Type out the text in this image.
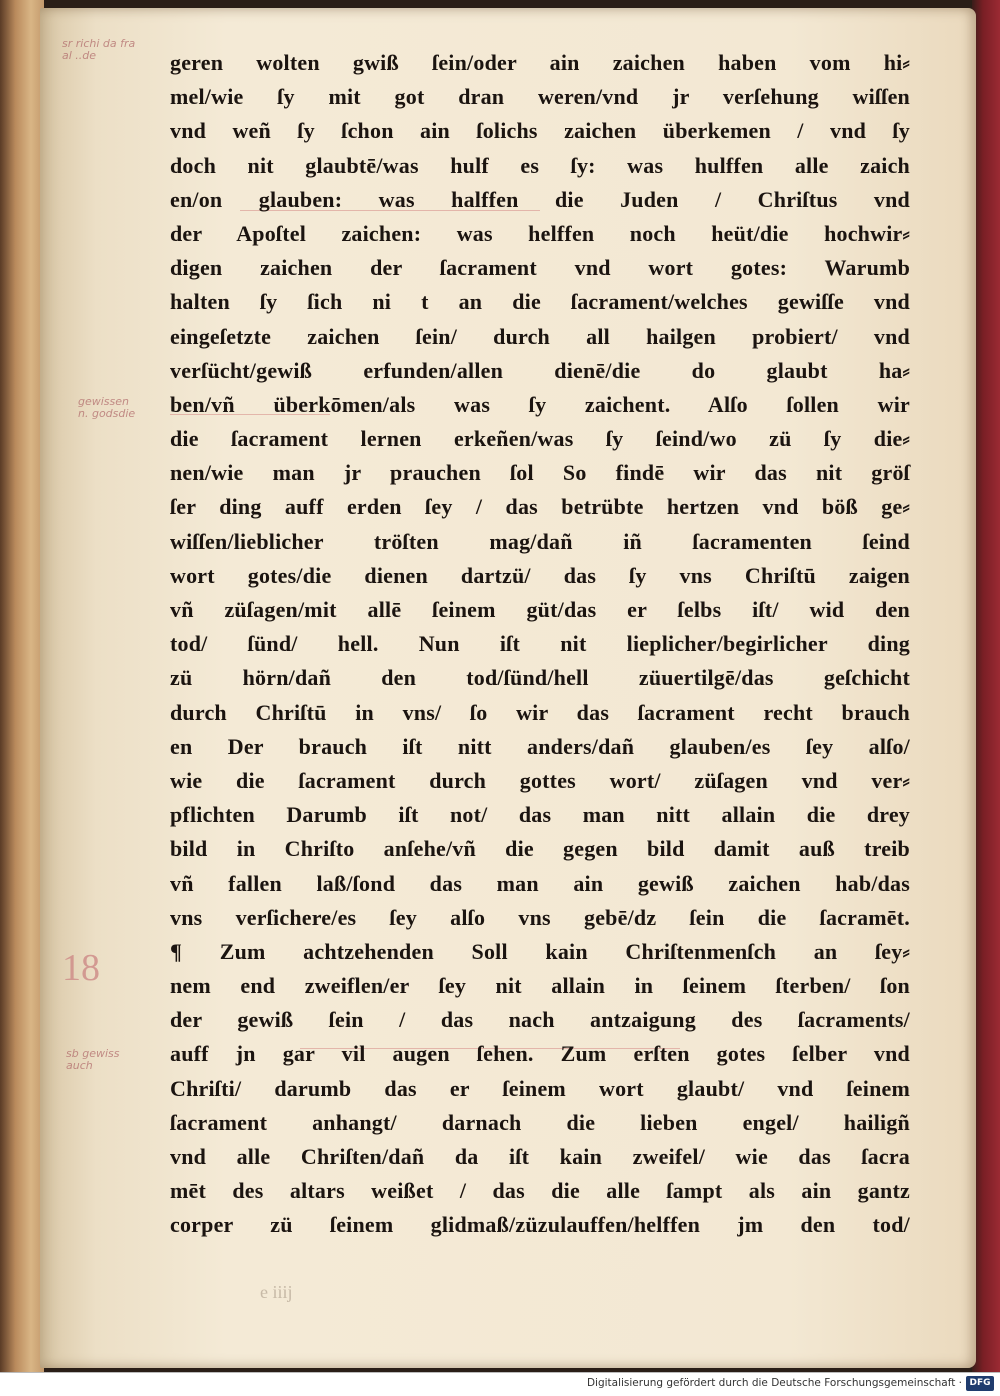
sr richi da fra
al ..de
gewissen
n. godsdie
sb gewiss
auch
18
geren wolten gwiß ſein/oder ain zaichen haben vom hi⸗
mel/wie ſy mit got dran weren/vnd jr verſehung wiſſen
vnd weñ ſy ſchon ain ſolichs zaichen überkemen / vnd ſy
doch nit glaubtē/was hulf es ſy: was hulffen alle zaich
en/on glauben: was halffen die Juden / Chriſtus vnd
der Apoſtel zaichen: was helffen noch heüt/die hochwir⸗
digen zaichen der ſacrament vnd wort gotes: Warumb
halten ſy ſich ni t an die ſacrament/welches gewiſſe vnd
eingeſetzte zaichen ſein/ durch all hailgen probiert/ vnd
verſücht/gewiß erfunden/allen dienē/die do glaubt ha⸗
ben/vñ überkōmen/als was ſy zaichent. Alſo ſollen wir
die ſacrament lernen erkeñen/was ſy ſeind/wo zü ſy die⸗
nen/wie man jr prauchen ſol So findē wir das nit gröſ
ſer ding auff erden ſey / das betrübte hertzen vnd böß ge⸗
wiſſen/lieblicher tröſten mag/dañ iñ ſacramenten ſeind
wort gotes/die dienen dartzü/ das ſy vns Chriſtū zaigen
vñ züſagen/mit allē ſeinem güt/das er ſelbs iſt/ wid den
tod/ ſünd/ hell. Nun iſt nit lieplicher/begirlicher ding
zü hörn/dañ den tod/ſünd/hell züuertilgē/das geſchicht
durch Chriſtū in vns/ ſo wir das ſacrament recht brauch
en Der brauch iſt nitt anders/dañ glauben/es ſey alſo/
wie die ſacrament durch gottes wort/ züſagen vnd ver⸗
pflichten Darumb iſt not/ das man nitt allain die drey
bild in Chriſto anſehe/vñ die gegen bild damit auß treib
vñ fallen laß/ſond das man ain gewiß zaichen hab/das
vns verſichere/es ſey alſo vns gebē/dz ſein die ſacramēt.
¶ Zum achtzehenden Soll kain Chriſtenmenſch an ſey⸗
nem end zweiflen/er ſey nit allain in ſeinem ſterben/ ſon
der gewiß ſein / das nach antzaigung des ſacraments/
auff jn gar vil augen ſehen. Zum erſten gotes ſelber vnd
Chriſti/ darumb das er ſeinem wort glaubt/ vnd ſeinem
ſacrament anhangt/ darnach die lieben engel/ hailigñ
vnd alle Chriſten/dañ da iſt kain zweifel/ wie das ſacra
mēt des altars weißet / das die alle ſampt als ain gantz
corper zü ſeinem glidmaß/züzulauffen/helffen jm den tod/
e iiij
Digitalisierung gefördert durch die Deutsche Forschungsgemeinschaft · DFG
